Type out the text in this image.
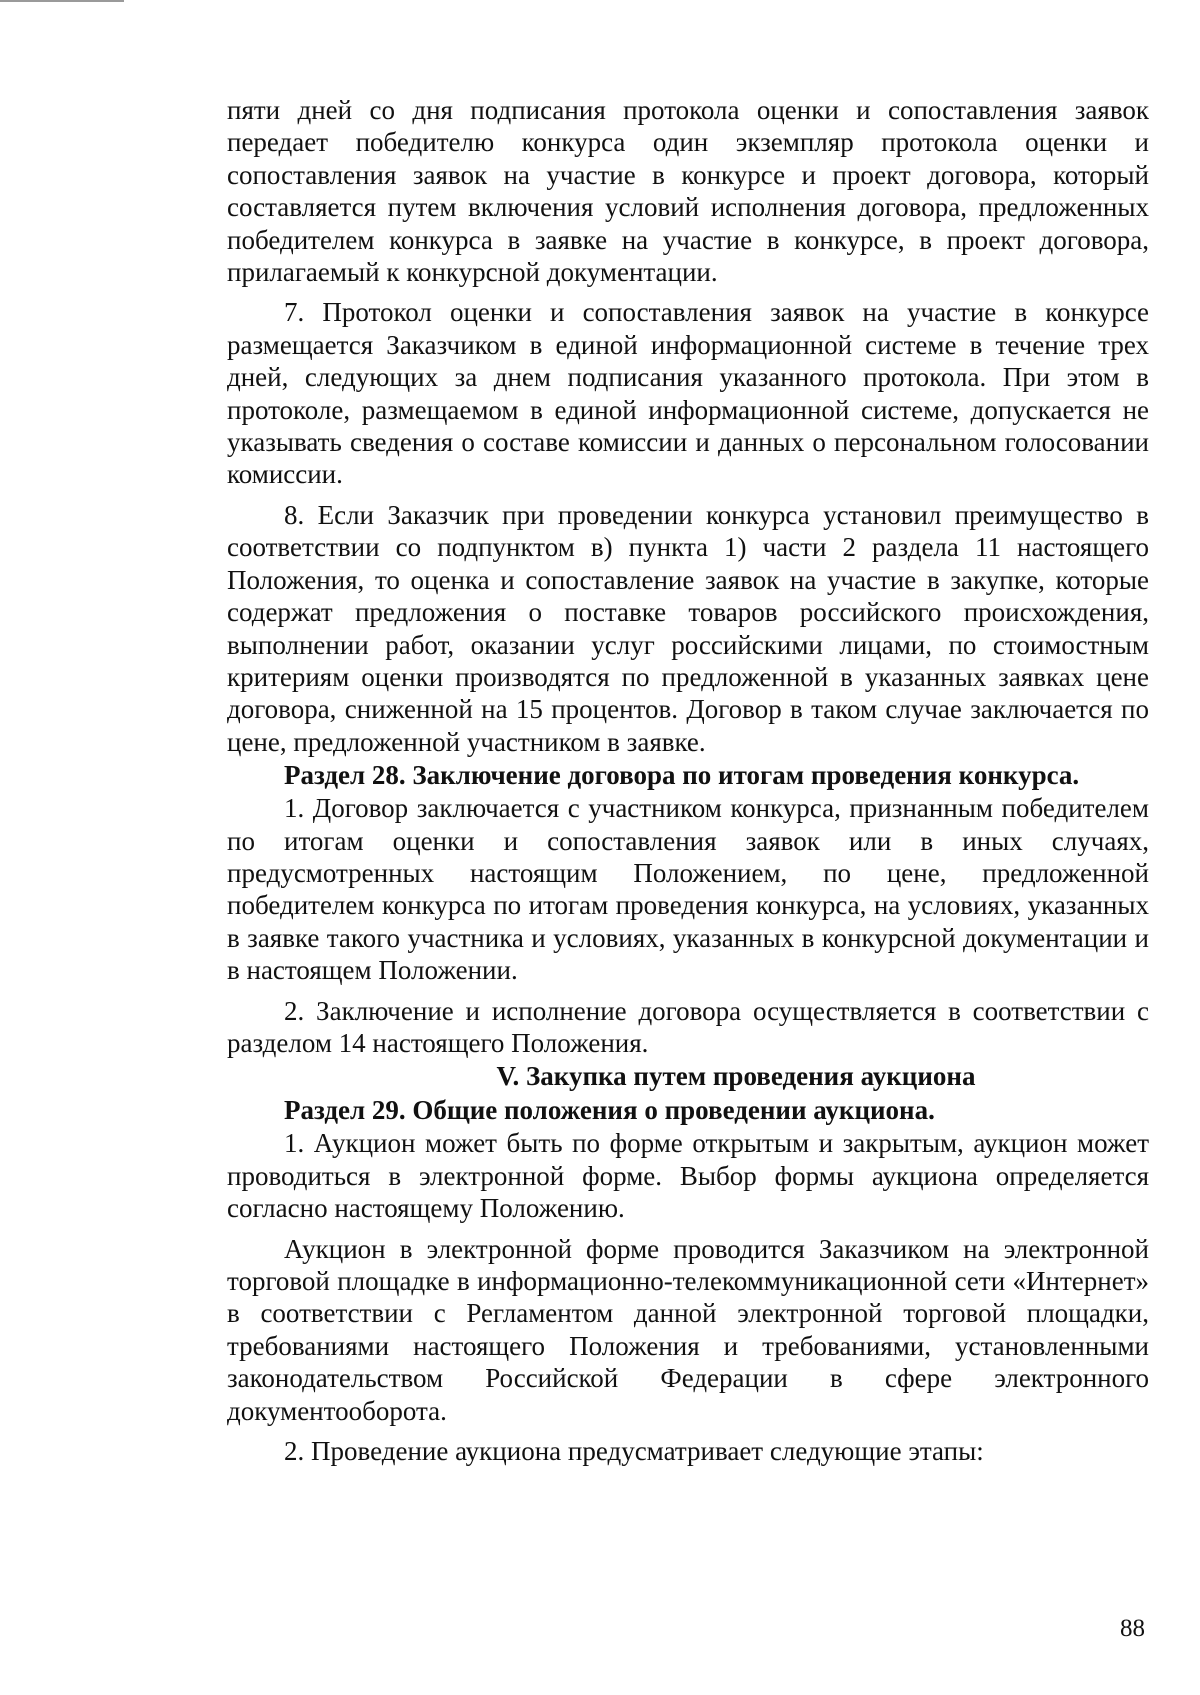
пяти дней со дня подписания протокола оценки и сопоставления заявок передает победителю конкурса один экземпляр протокола оценки и сопоставления заявок на участие в конкурсе и проект договора, который составляется путем включения условий исполнения договора, предложенных победителем конкурса в заявке на участие в конкурсе, в проект договора, прилагаемый к конкурсной документации.

7. Протокол оценки и сопоставления заявок на участие в конкурсе размещается Заказчиком в единой информационной системе в течение трех дней, следующих за днем подписания указанного протокола. При этом в протоколе, размещаемом в единой информационной системе, допускается не указывать сведения о составе комиссии и данных о персональном голосовании комиссии.

8. Если Заказчик при проведении конкурса установил преимущество в соответствии со подпунктом в) пункта 1) части 2 раздела 11 настоящего Положения, то оценка и сопоставление заявок на участие в закупке, которые содержат предложения о поставке товаров российского происхождения, выполнении работ, оказании услуг российскими лицами, по стоимостным критериям оценки производятся по предложенной в указанных заявках цене договора, сниженной на 15 процентов. Договор в таком случае заключается по цене, предложенной участником в заявке.

Раздел 28. Заключение договора по итогам проведения конкурса.

1. Договор заключается с участником конкурса, признанным победителем по итогам оценки и сопоставления заявок или в иных случаях, предусмотренных настоящим Положением, по цене, предложенной победителем конкурса по итогам проведения конкурса, на условиях, указанных в заявке такого участника и условиях, указанных в конкурсной документации и в настоящем Положении.

2. Заключение и исполнение договора осуществляется в соответствии с разделом 14 настоящего Положения.

V. Закупка путем проведения аукциона
Раздел 29. Общие положения о проведении аукциона.

1. Аукцион может быть по форме открытым и закрытым, аукцион может проводиться в электронной форме. Выбор формы аукциона определяется согласно настоящему Положению.

Аукцион в электронной форме проводится Заказчиком на электронной торговой площадке в информационно-телекоммуникационной сети «Интернет» в соответствии с Регламентом данной электронной торговой площадки, требованиями настоящего Положения и требованиями, установленными законодательством Российской Федерации в сфере электронного документооборота.

2. Проведение аукциона предусматривает следующие этапы:

88
